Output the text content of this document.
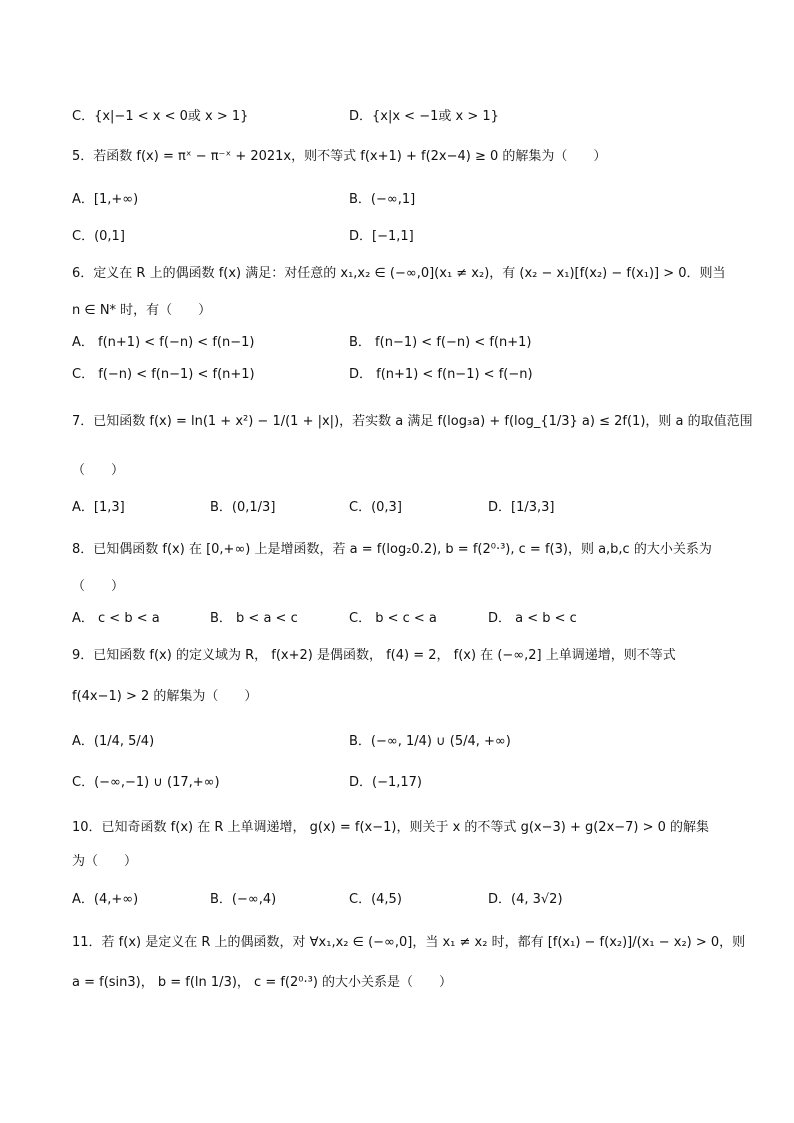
C．{x|−1 < x < 0或 x > 1}	D．{x|x < −1或 x > 1}
5．若函数 f(x) = πˣ − π⁻ˣ + 2021x，则不等式 f(x+1) + f(2x−4) ≥ 0 的解集为（　　）
A．[1,+∞)	B．(−∞,1]
C．(0,1]	D．[−1,1]
6．定义在 R 上的偶函数 f(x) 满足：对任意的 x₁,x₂ ∈ (−∞,0](x₁ ≠ x₂)，有 (x₂ − x₁)[f(x₂) − f(x₁)] > 0．则当
n ∈ N* 时，有（　　）
A． f(n+1) < f(−n) < f(n−1)	B． f(n−1) < f(−n) < f(n+1)
C． f(−n) < f(n−1) < f(n+1)	D． f(n+1) < f(n−1) < f(−n)
7．已知函数 f(x) = ln(1 + x²) − 1/(1 + |x|)，若实数 a 满足 f(log₃a) + f(log_{1/3} a) ≤ 2f(1)，则 a 的取值范围
（　　）
A．[1,3]	B．(0,1/3]	C．(0,3]	D．[1/3,3]
8．已知偶函数 f(x) 在 [0,+∞) 上是增函数，若 a = f(log₂0.2), b = f(2⁰·³), c = f(3)，则 a,b,c 的大小关系为
（　　）
A． c < b < a	B． b < a < c	C． b < c < a	D． a < b < c
9．已知函数 f(x) 的定义域为 R， f(x+2) 是偶函数， f(4) = 2， f(x) 在 (−∞,2] 上单调递增，则不等式
f(4x−1) > 2 的解集为（　　）
A．(1/4, 5/4)	B．(−∞, 1/4) ∪ (5/4, +∞)
C．(−∞,−1) ∪ (17,+∞)	D．(−1,17)
10．已知奇函数 f(x) 在 R 上单调递增， g(x) = f(x−1)，则关于 x 的不等式 g(x−3) + g(2x−7) > 0 的解集
为（　　）
A．(4,+∞)	B．(−∞,4)	C．(4,5)	D．(4, 3√2)
11．若 f(x) 是定义在 R 上的偶函数，对 ∀x₁,x₂ ∈ (−∞,0]，当 x₁ ≠ x₂ 时，都有 [f(x₁) − f(x₂)]/(x₁ − x₂) > 0，则
a = f(sin3)， b = f(ln 1/3)， c = f(2⁰·³) 的大小关系是（　　）
